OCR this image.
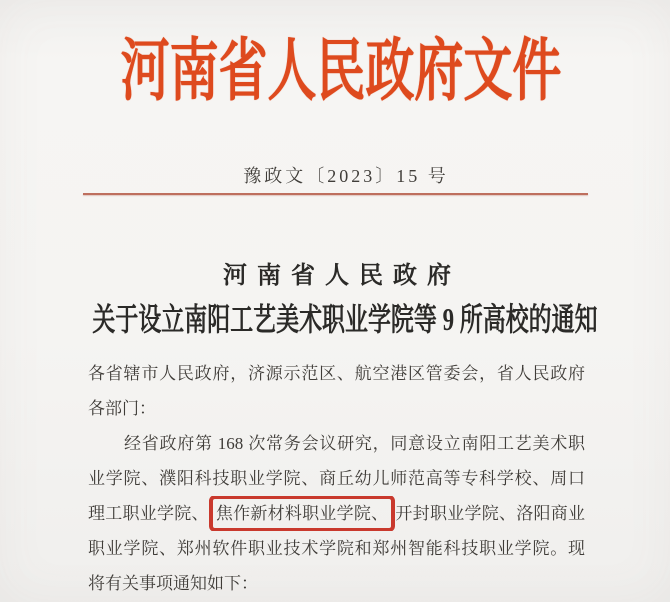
河南省人民政府文件
豫政文〔2023〕15 号
河南省人民政府
关于设立南阳工艺美术职业学院等 9 所高校的通知
各省辖市人民政府，济源示范区、航空港区管委会，省人民政府
各部门：
经省政府第 168 次常务会议研究，同意设立南阳工艺美术职
业学院、濮阳科技职业学院、商丘幼儿师范高等专科学校、周口
理工职业学院、 焦作新材料职业学院、 开封职业学院、洛阳商业
职业学院、郑州软件职业技术学院和郑州智能科技职业学院。现
将有关事项通知如下：
